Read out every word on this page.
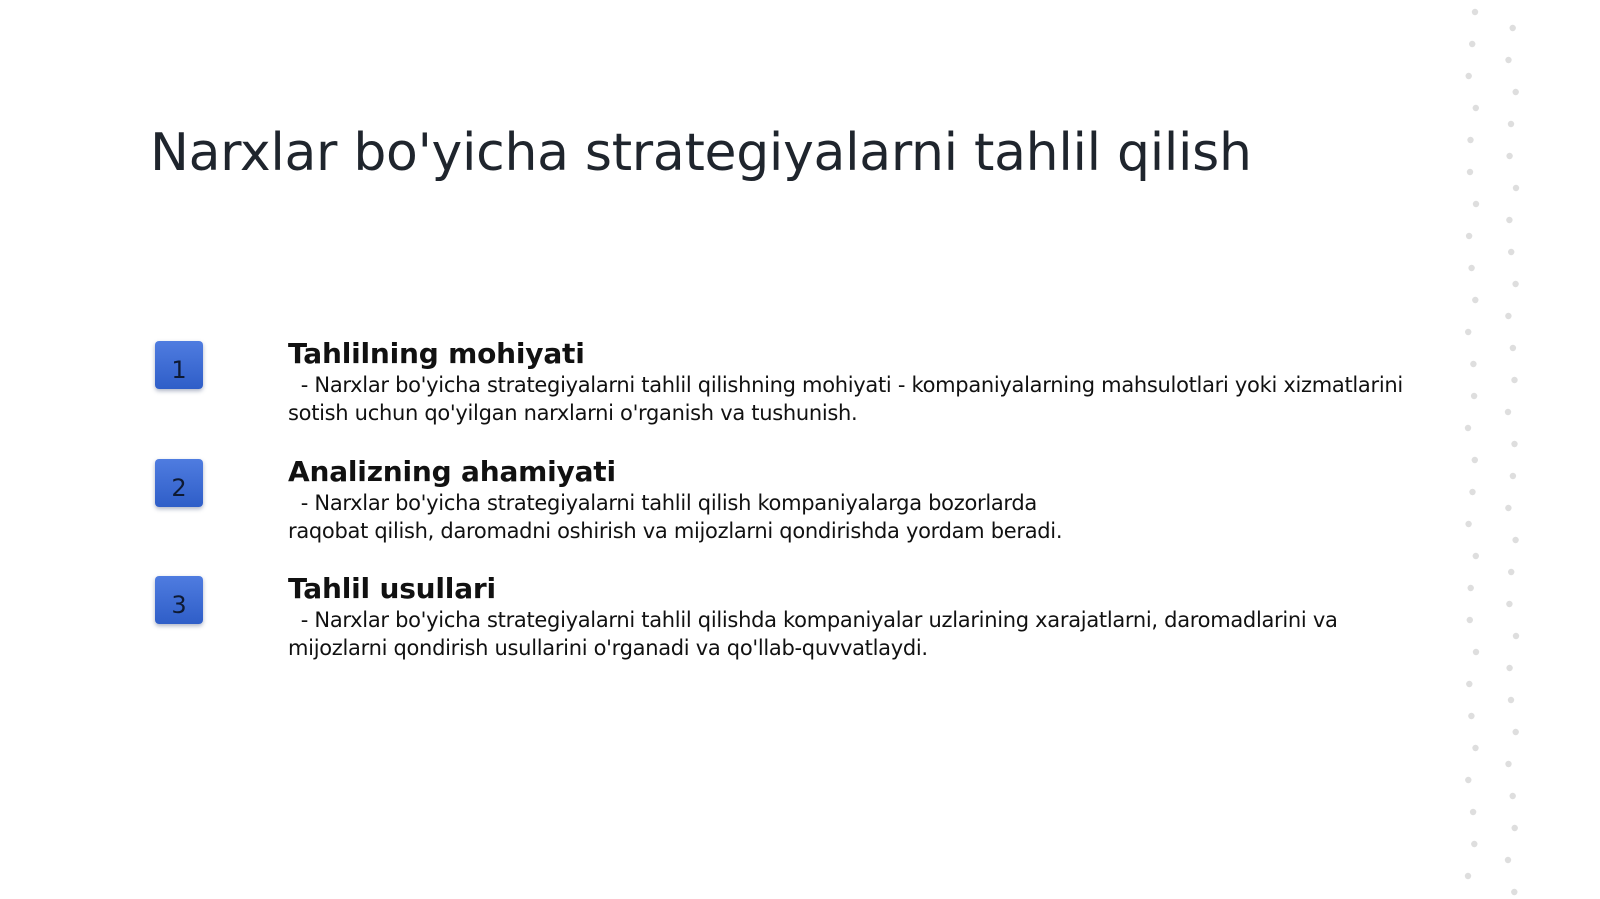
Narxlar bo'yicha strategiyalarni tahlil qilish
1	Tahlilning mohiyati

- Narxlar bo'yicha strategiyalarni tahlil qilishning mohiyati - kompaniyalarning mahsulotlari yoki xizmatlarini sotish uchun qo'yilgan narxlarni o'rganish va tushunish.

2	Analizning ahamiyati

- Narxlar bo'yicha strategiyalarni tahlil qilish kompaniyalarga bozorlarda raqobat qilish, daromadni oshirish va mijozlarni qondirishda yordam beradi.

3	Tahlil usullari

- Narxlar bo'yicha strategiyalarni tahlil qilishda kompaniyalar uzlarining xarajatlarni, daromadlarini va mijozlarni qondirish usullarini o'rganadi va qo'llab-quvvatlaydi.
